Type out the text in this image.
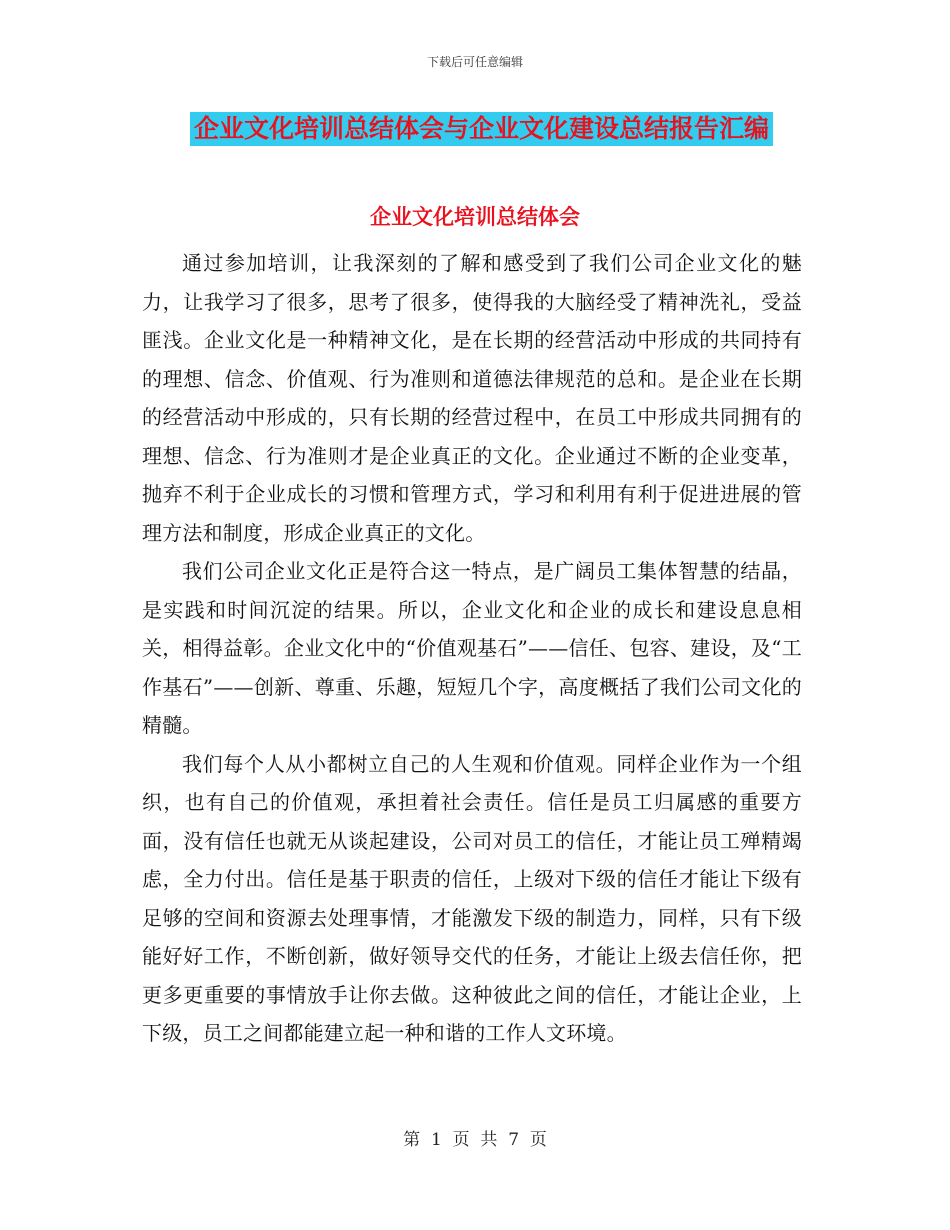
下载后可任意编辑
企业文化培训总结体会与企业文化建设总结报告汇编
企业文化培训总结体会

通过参加培训，让我深刻的了解和感受到了我们公司企业文化的魅力，让我学习了很多，思考了很多，使得我的大脑经受了精神洗礼，受益匪浅。企业文化是一种精神文化，是在长期的经营活动中形成的共同持有的理想、信念、价值观、行为准则和道德法律规范的总和。是企业在长期的经营活动中形成的，只有长期的经营过程中，在员工中形成共同拥有的理想、信念、行为准则才是企业真正的文化。企业通过不断的企业变革，抛弃不利于企业成长的习惯和管理方式，学习和利用有利于促进进展的管理方法和制度，形成企业真正的文化。

我们公司企业文化正是符合这一特点，是广阔员工集体智慧的结晶，是实践和时间沉淀的结果。所以，企业文化和企业的成长和建设息息相关，相得益彰。企业文化中的“价值观基石”——信任、包容、建设，及“工作基石”——创新、尊重、乐趣，短短几个字，高度概括了我们公司文化的精髓。

我们每个人从小都树立自己的人生观和价值观。同样企业作为一个组织，也有自己的价值观，承担着社会责任。信任是员工归属感的重要方面，没有信任也就无从谈起建设，公司对员工的信任，才能让员工殚精竭虑，全力付出。信任是基于职责的信任，上级对下级的信任才能让下级有足够的空间和资源去处理事情，才能激发下级的制造力，同样，只有下级能好好工作，不断创新，做好领导交代的任务，才能让上级去信任你，把更多更重要的事情放手让你去做。这种彼此之间的信任，才能让企业，上下级，员工之间都能建立起一种和谐的工作人文环境。

第  1  页  共  7  页
